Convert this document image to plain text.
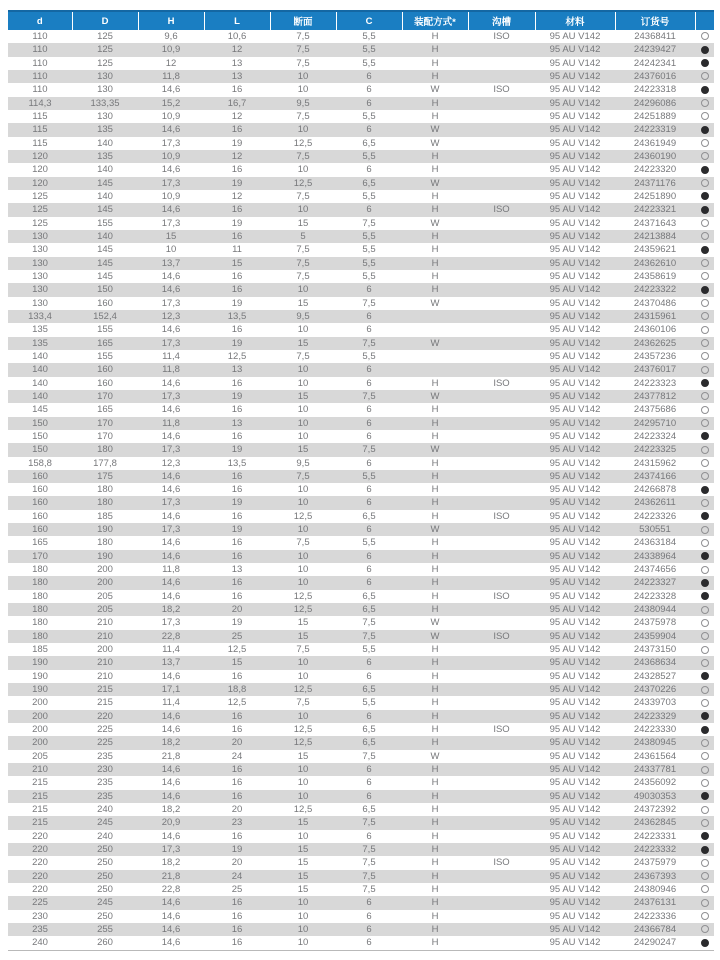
d	D	H	L	断面	C	装配方式*	沟槽	材料	订货号	
110	125	9,6	10,6	7,5	5,5	H	ISO	95 AU V142	24368411	
110	125	10,9	12	7,5	5,5	H		95 AU V142	24239427	
110	125	12	13	7,5	5,5	H		95 AU V142	24242341	
110	130	11,8	13	10	6	H		95 AU V142	24376016	
110	130	14,6	16	10	6	W	ISO	95 AU V142	24223318	
114,3	133,35	15,2	16,7	9,5	6	H		95 AU V142	24296086	
115	130	10,9	12	7,5	5,5	H		95 AU V142	24251889	
115	135	14,6	16	10	6	W		95 AU V142	24223319	
115	140	17,3	19	12,5	6,5	W		95 AU V142	24361949	
120	135	10,9	12	7,5	5,5	H		95 AU V142	24360190	
120	140	14,6	16	10	6	H		95 AU V142	24223320	
120	145	17,3	19	12,5	6,5	W		95 AU V142	24371176	
125	140	10,9	12	7,5	5,5	H		95 AU V142	24251890	
125	145	14,6	16	10	6	H	ISO	95 AU V142	24223321	
125	155	17,3	19	15	7,5	W		95 AU V142	24371643	
130	140	15	16	5	5,5	H		95 AU V142	24213884	
130	145	10	11	7,5	5,5	H		95 AU V142	24359621	
130	145	13,7	15	7,5	5,5	H		95 AU V142	24362610	
130	145	14,6	16	7,5	5,5	H		95 AU V142	24358619	
130	150	14,6	16	10	6	H		95 AU V142	24223322	
130	160	17,3	19	15	7,5	W		95 AU V142	24370486	
133,4	152,4	12,3	13,5	9,5	6			95 AU V142	24315961	
135	155	14,6	16	10	6			95 AU V142	24360106	
135	165	17,3	19	15	7,5	W		95 AU V142	24362625	
140	155	11,4	12,5	7,5	5,5			95 AU V142	24357236	
140	160	11,8	13	10	6			95 AU V142	24376017	
140	160	14,6	16	10	6	H	ISO	95 AU V142	24223323	
140	170	17,3	19	15	7,5	W		95 AU V142	24377812	
145	165	14,6	16	10	6	H		95 AU V142	24375686	
150	170	11,8	13	10	6	H		95 AU V142	24295710	
150	170	14,6	16	10	6	H		95 AU V142	24223324	
150	180	17,3	19	15	7,5	W		95 AU V142	24223325	
158,8	177,8	12,3	13,5	9,5	6	H		95 AU V142	24315962	
160	175	14,6	16	7,5	5,5	H		95 AU V142	24374166	
160	180	14,6	16	10	6	H		95 AU V142	24266878	
160	180	17,3	19	10	6	H		95 AU V142	24362611	
160	185	14,6	16	12,5	6,5	H	ISO	95 AU V142	24223326	
160	190	17,3	19	10	6	W		95 AU V142	530551	
165	180	14,6	16	7,5	5,5	H		95 AU V142	24363184	
170	190	14,6	16	10	6	H		95 AU V142	24338964	
180	200	11,8	13	10	6	H		95 AU V142	24374656	
180	200	14,6	16	10	6	H		95 AU V142	24223327	
180	205	14,6	16	12,5	6,5	H	ISO	95 AU V142	24223328	
180	205	18,2	20	12,5	6,5	H		95 AU V142	24380944	
180	210	17,3	19	15	7,5	W		95 AU V142	24375978	
180	210	22,8	25	15	7,5	W	ISO	95 AU V142	24359904	
185	200	11,4	12,5	7,5	5,5	H		95 AU V142	24373150	
190	210	13,7	15	10	6	H		95 AU V142	24368634	
190	210	14,6	16	10	6	H		95 AU V142	24328527	
190	215	17,1	18,8	12,5	6,5	H		95 AU V142	24370226	
200	215	11,4	12,5	7,5	5,5	H		95 AU V142	24339703	
200	220	14,6	16	10	6	H		95 AU V142	24223329	
200	225	14,6	16	12,5	6,5	H	ISO	95 AU V142	24223330	
200	225	18,2	20	12,5	6,5	H		95 AU V142	24380945	
205	235	21,8	24	15	7,5	W		95 AU V142	24361564	
210	230	14,6	16	10	6	H		95 AU V142	24337781	
215	235	14,6	16	10	6	H		95 AU V142	24356092	
215	235	14,6	16	10	6	H		95 AU V142	49030353	
215	240	18,2	20	12,5	6,5	H		95 AU V142	24372392	
215	245	20,9	23	15	7,5	H		95 AU V142	24362845	
220	240	14,6	16	10	6	H		95 AU V142	24223331	
220	250	17,3	19	15	7,5	H		95 AU V142	24223332	
220	250	18,2	20	15	7,5	H	ISO	95 AU V142	24375979	
220	250	21,8	24	15	7,5	H		95 AU V142	24367393	
220	250	22,8	25	15	7,5	H		95 AU V142	24380946	
225	245	14,6	16	10	6	H		95 AU V142	24376131	
230	250	14,6	16	10	6	H		95 AU V142	24223336	
235	255	14,6	16	10	6	H		95 AU V142	24366784	
240	260	14,6	16	10	6	H		95 AU V142	24290247	
